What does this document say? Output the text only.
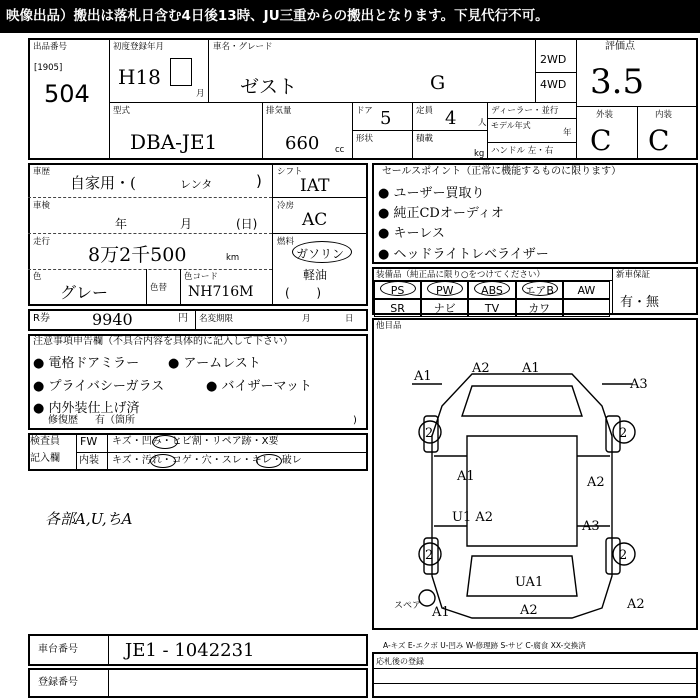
映像出品）搬出は落札日含む4日後13時、JU三重からの搬出となります。下見代行不可。
出品番号
[1905]
504
初度登録年月
H18
月
車名・グレード
ゼスト	G
2WD
4WD
評価点
3.5
外装	内装
C C
型式
DBA-JE1
排気量
660 cc
ドア 5	定員 4	人
形状	積載
kg
ディーラー・並行
モデル年式
年
ハンドル 左・右
車歴
自家用・(	レンタ	)
車検
年	月	(日)
走行
8万2千500	km
色
グレー	色替
色コード
NH716M
シフト
IAT
冷房
AC
燃料
ガソリン
軽油
(       )
R券	9940	円 名変期限	月	日
セールスポイント（正常に機能するものに限ります）
● ユーザー買取り
● 純正CDオーディオ
● キーレス
● ヘッドライトレベライザー
装備品（純正品に限り○をつけてください）	新車保証
有・無
PS	PW	ABS	エアB	AW
SR	ナビ	TV	カワ
他目品
注意事項申告欄（不具合内容を具体的に記入して下さい）
● 電格ドアミラー ● アームレスト
● プライバシーガラス	● バイザーマット
● 内外装仕上げ済
修復歴 有（箇所	)
検査員
記入欄
FW
内装
キズ・凹み・ヒビ割・リペア跡・X要
キズ・汚れ・コゲ・穴・スレ・キレ・破レ
各部A,U,ちA
A1
A2 A1
A3
2	2
A1	A2
U1 A2
A3
2	2
UA1
A1	A2	A2
スペア
車台番号	JE1 - 1042231
登録番号
A-キズ E-エクボ U-凹み W-修理跡 S-サビ C-腐食 XX-交換済
応札後の登録
